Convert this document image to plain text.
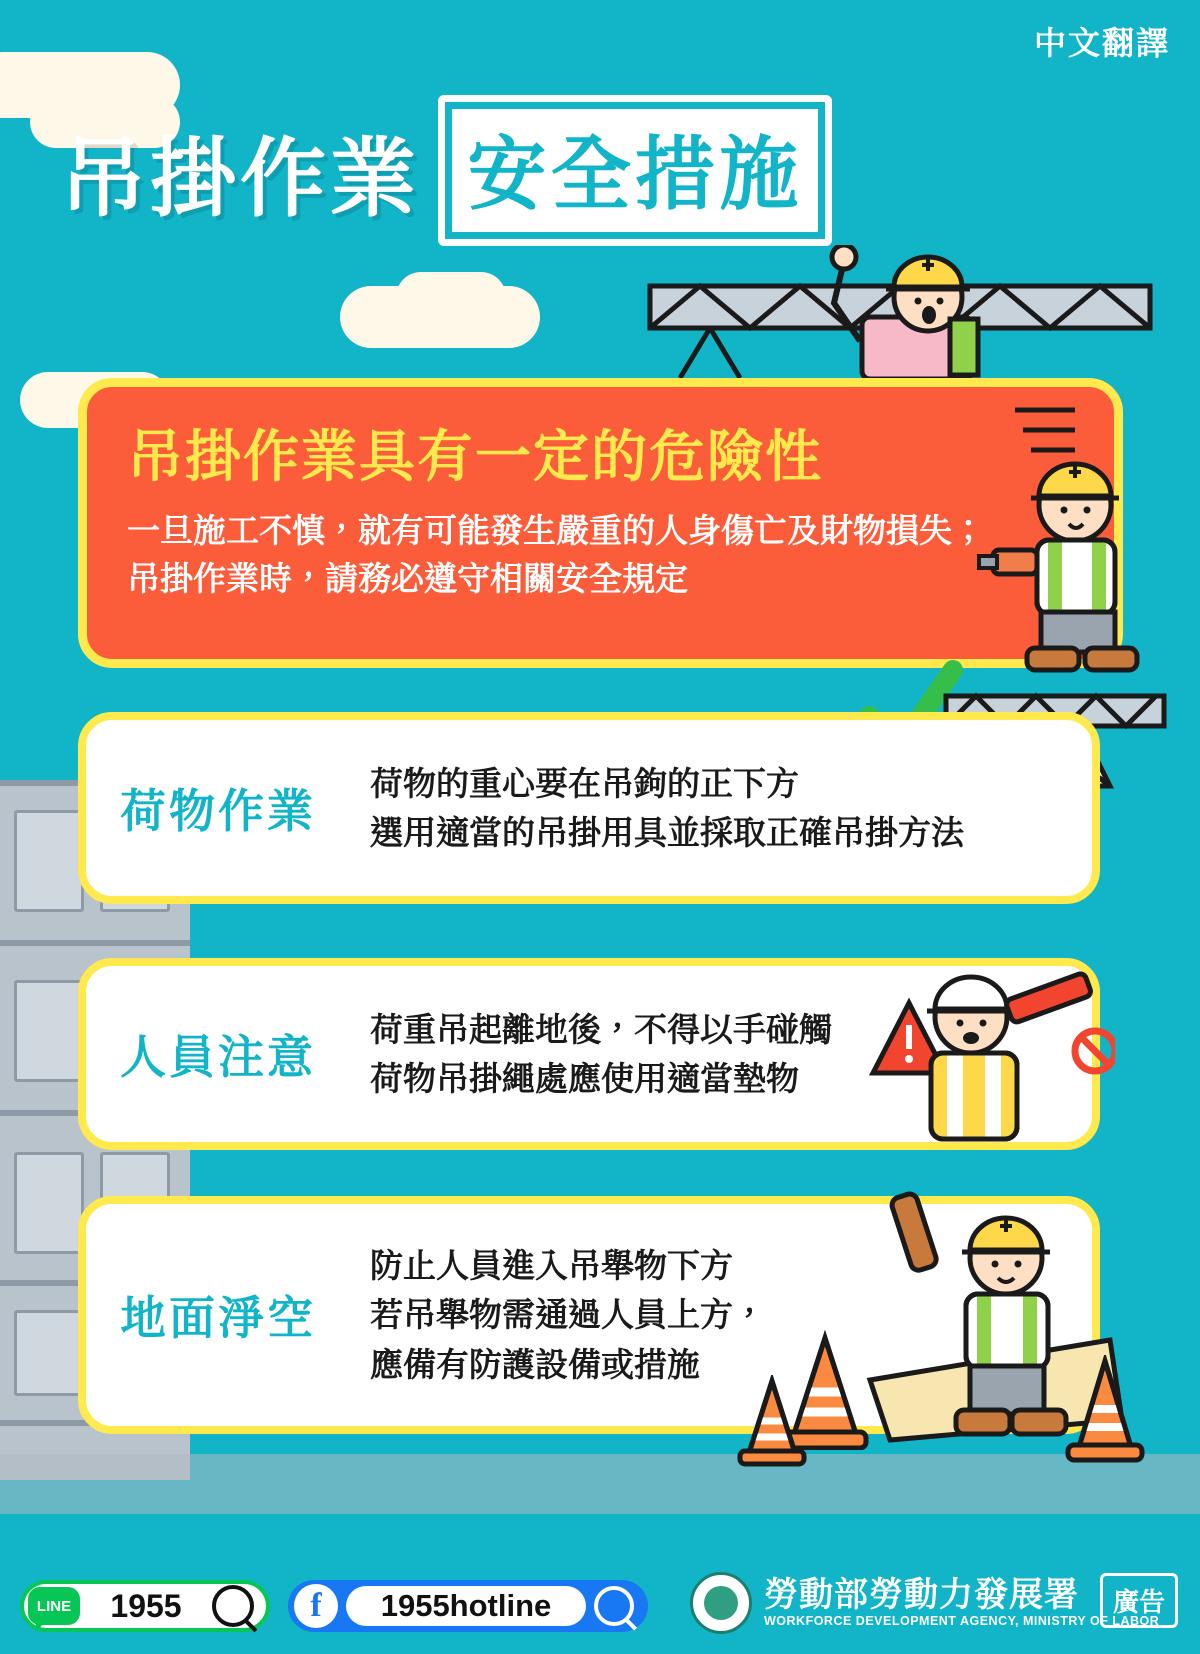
中文翻譯
吊掛作業 安全措施
吊掛作業具有一定的危險性

一旦施工不慎，就有可能發生嚴重的人身傷亡及財物損失；吊掛作業時，請務必遵守相關安全規定

荷物作業
荷物的重心要在吊鉤的正下方
選用適當的吊掛用具並採取正確吊掛方法
人員注意
荷重吊起離地後，不得以手碰觸
荷物吊掛繩處應使用適當墊物
地面淨空
防止人員進入吊舉物下方
若吊舉物需通過人員上方，
應備有防護設備或措施
LINE	1955	f	1955hotline	勞動部勞動力發展署
WORKFORCE DEVELOPMENT AGENCY, MINISTRY OF LABOR
廣告
